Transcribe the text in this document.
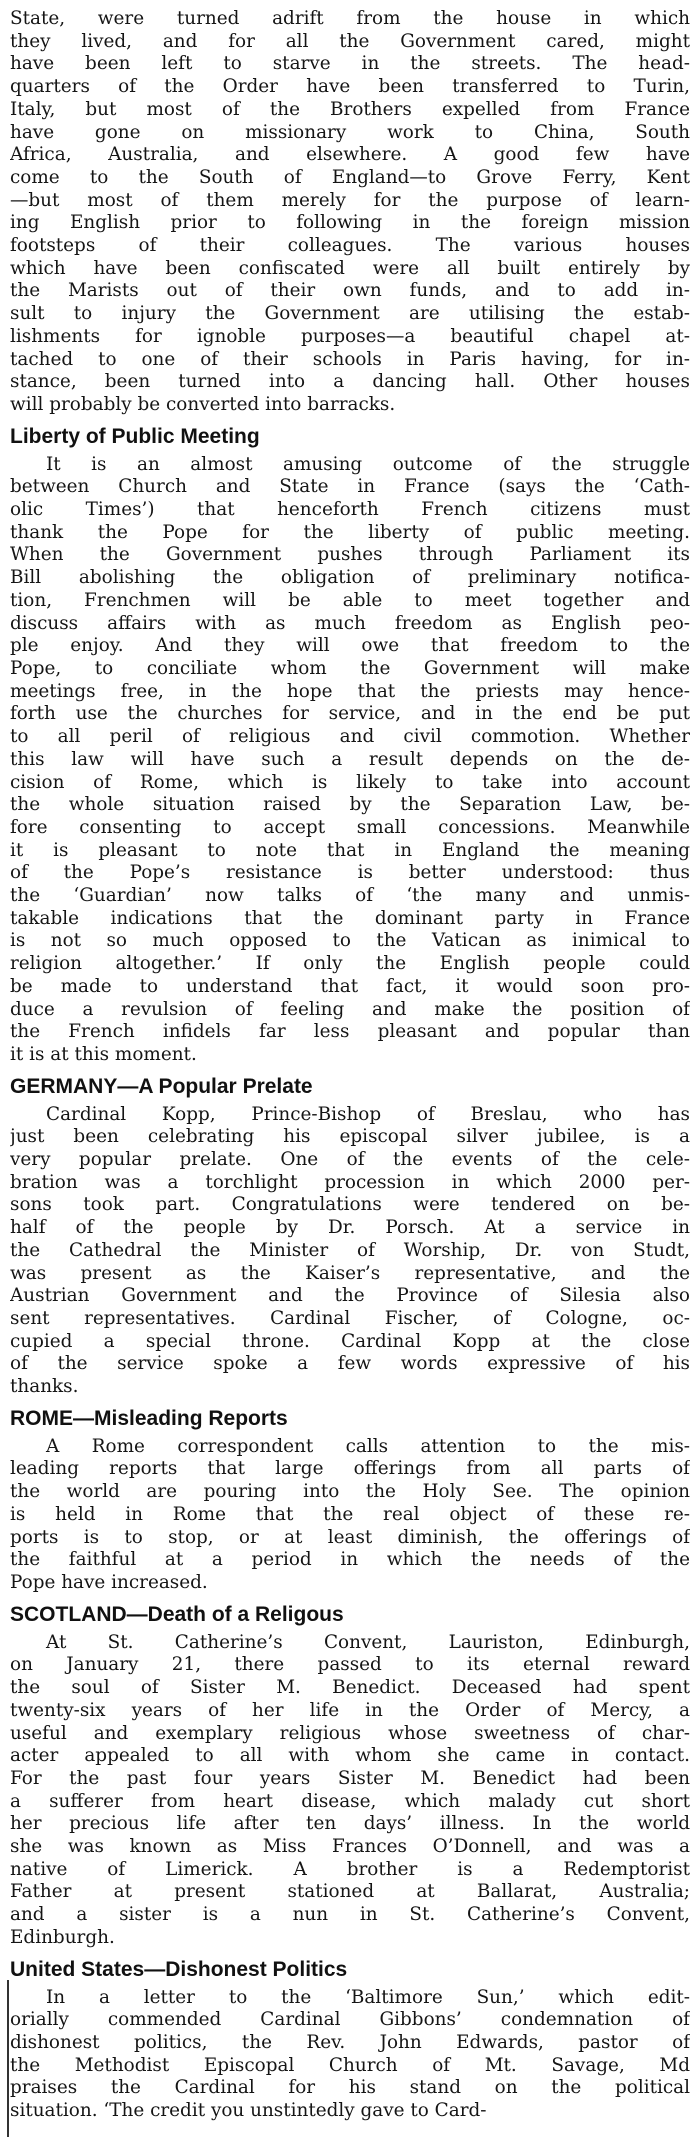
State, were turned adrift from the house in which
they lived, and for all the Government cared, might
have been left to starve in the streets. The head-
quarters of the Order have been transferred to Turin,
Italy, but most of the Brothers expelled from France
have gone on missionary work to China, South
Africa, Australia, and elsewhere. A good few have
come to the South of England—to Grove Ferry, Kent
—but most of them merely for the purpose of learn-
ing English prior to following in the foreign mission
footsteps of their colleagues. The various houses
which have been confiscated were all built entirely by
the Marists out of their own funds, and to add in-
sult to injury the Government are utilising the estab-
lishments for ignoble purposes—a beautiful chapel at-
tached to one of their schools in Paris having, for in-
stance, been turned into a dancing hall. Other houses
will probably be converted into barracks.

Liberty of Public Meeting

It is an almost amusing outcome of the struggle
between Church and State in France (says the ‘Cath-
olic Times’) that henceforth French citizens must
thank the Pope for the liberty of public meeting.
When the Government pushes through Parliament its
Bill abolishing the obligation of preliminary notifica-
tion, Frenchmen will be able to meet together and
discuss affairs with as much freedom as English peo-
ple enjoy. And they will owe that freedom to the
Pope, to conciliate whom the Government will make
meetings free, in the hope that the priests may hence-
forth use the churches for service, and in the end be put
to all peril of religious and civil commotion. Whether
this law will have such a result depends on the de-
cision of Rome, which is likely to take into account
the whole situation raised by the Separation Law, be-
fore consenting to accept small concessions. Meanwhile
it is pleasant to note that in England the meaning
of the Pope’s resistance is better understood: thus
the ‘Guardian’ now talks of ‘the many and unmis-
takable indications that the dominant party in France
is not so much opposed to the Vatican as inimical to
religion altogether.’ If only the English people could
be made to understand that fact, it would soon pro-
duce a revulsion of feeling and make the position of
the French infidels far less pleasant and popular than
it is at this moment.

GERMANY—A Popular Prelate

Cardinal Kopp, Prince-Bishop of Breslau, who has
just been celebrating his episcopal silver jubilee, is a
very popular prelate. One of the events of the cele-
bration was a torchlight procession in which 2000 per-
sons took part. Congratulations were tendered on be-
half of the people by Dr. Porsch. At a service in
the Cathedral the Minister of Worship, Dr. von Studt,
was present as the Kaiser’s representative, and the
Austrian Government and the Province of Silesia also
sent representatives. Cardinal Fischer, of Cologne, oc-
cupied a special throne. Cardinal Kopp at the close
of the service spoke a few words expressive of his
thanks.

ROME—Misleading Reports

A Rome correspondent calls attention to the mis-
leading reports that large offerings from all parts of
the world are pouring into the Holy See. The opinion
is held in Rome that the real object of these re-
ports is to stop, or at least diminish, the offerings of
the faithful at a period in which the needs of the
Pope have increased.

SCOTLAND—Death of a Religous

At St. Catherine’s Convent, Lauriston, Edinburgh,
on January 21, there passed to its eternal reward
the soul of Sister M. Benedict. Deceased had spent
twenty-six years of her life in the Order of Mercy, a
useful and exemplary religious whose sweetness of char-
acter appealed to all with whom she came in contact.
For the past four years Sister M. Benedict had been
a sufferer from heart disease, which malady cut short
her precious life after ten days’ illness. In the world
she was known as Miss Frances O’Donnell, and was a
native of Limerick. A brother is a Redemptorist
Father at present stationed at Ballarat, Australia;
and a sister is a nun in St. Catherine’s Convent,
Edinburgh.

United States—Dishonest Politics

In a letter to the ‘Baltimore Sun,’ which edit-
orially commended Cardinal Gibbons’ condemnation of
dishonest politics, the Rev. John Edwards, pastor of
the Methodist Episcopal Church of Mt. Savage, Md
praises the Cardinal for his stand on the political
situation. ‘The credit you unstintedly gave to Card-
